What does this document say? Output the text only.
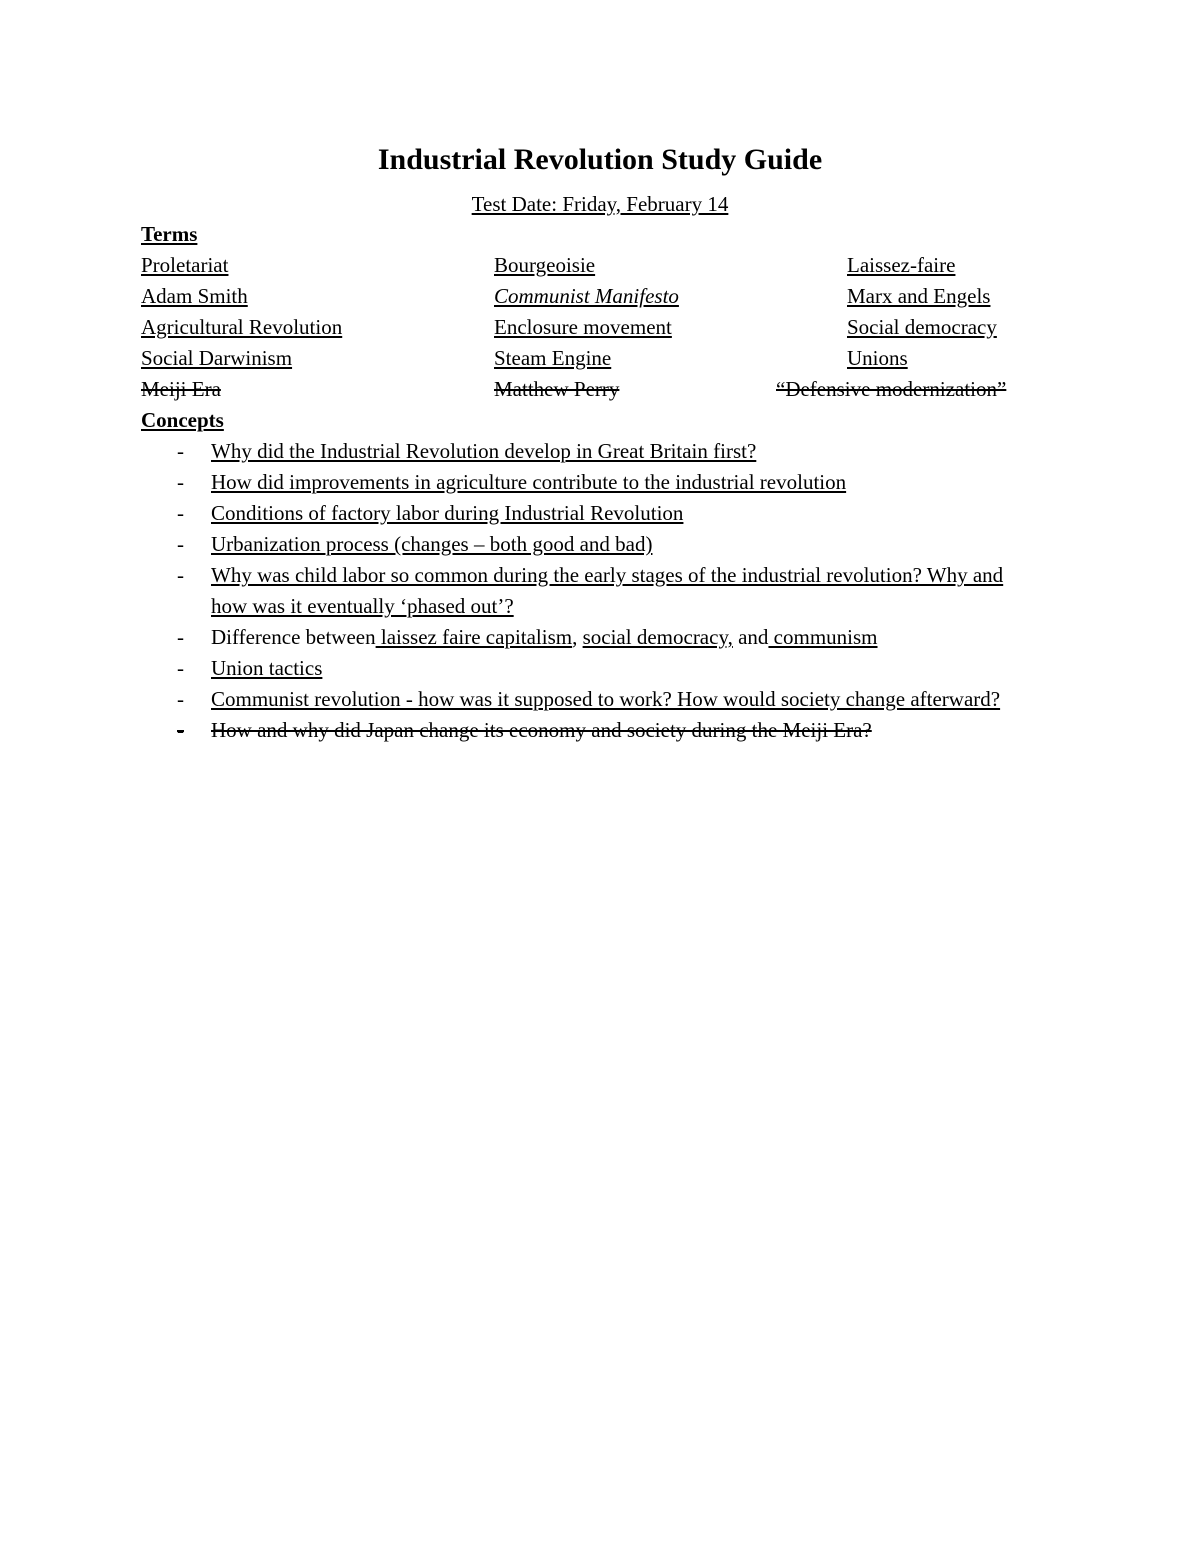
Industrial Revolution Study Guide
Test Date: Friday, February 14
Terms
Proletariat	Bourgeoisie	Laissez-faire
Adam Smith	Communist Manifesto	Marx and Engels
Agricultural Revolution	Enclosure movement	Social democracy
Social Darwinism	Steam Engine	Unions
Meiji Era	Matthew Perry	“Defensive modernization”
Concepts
- Why did the Industrial Revolution develop in Great Britain first?
- How did improvements in agriculture contribute to the industrial revolution
- Conditions of factory labor during Industrial Revolution
- Urbanization process (changes – both good and bad)
- Why was child labor so common during the early stages of the industrial revolution? Why and how was it eventually ‘phased out’?
- Difference between laissez faire capitalism, social democracy, and communism
- Union tactics
- Communist revolution - how was it supposed to work? How would society change afterward?
- How and why did Japan change its economy and society during the Meiji Era?
